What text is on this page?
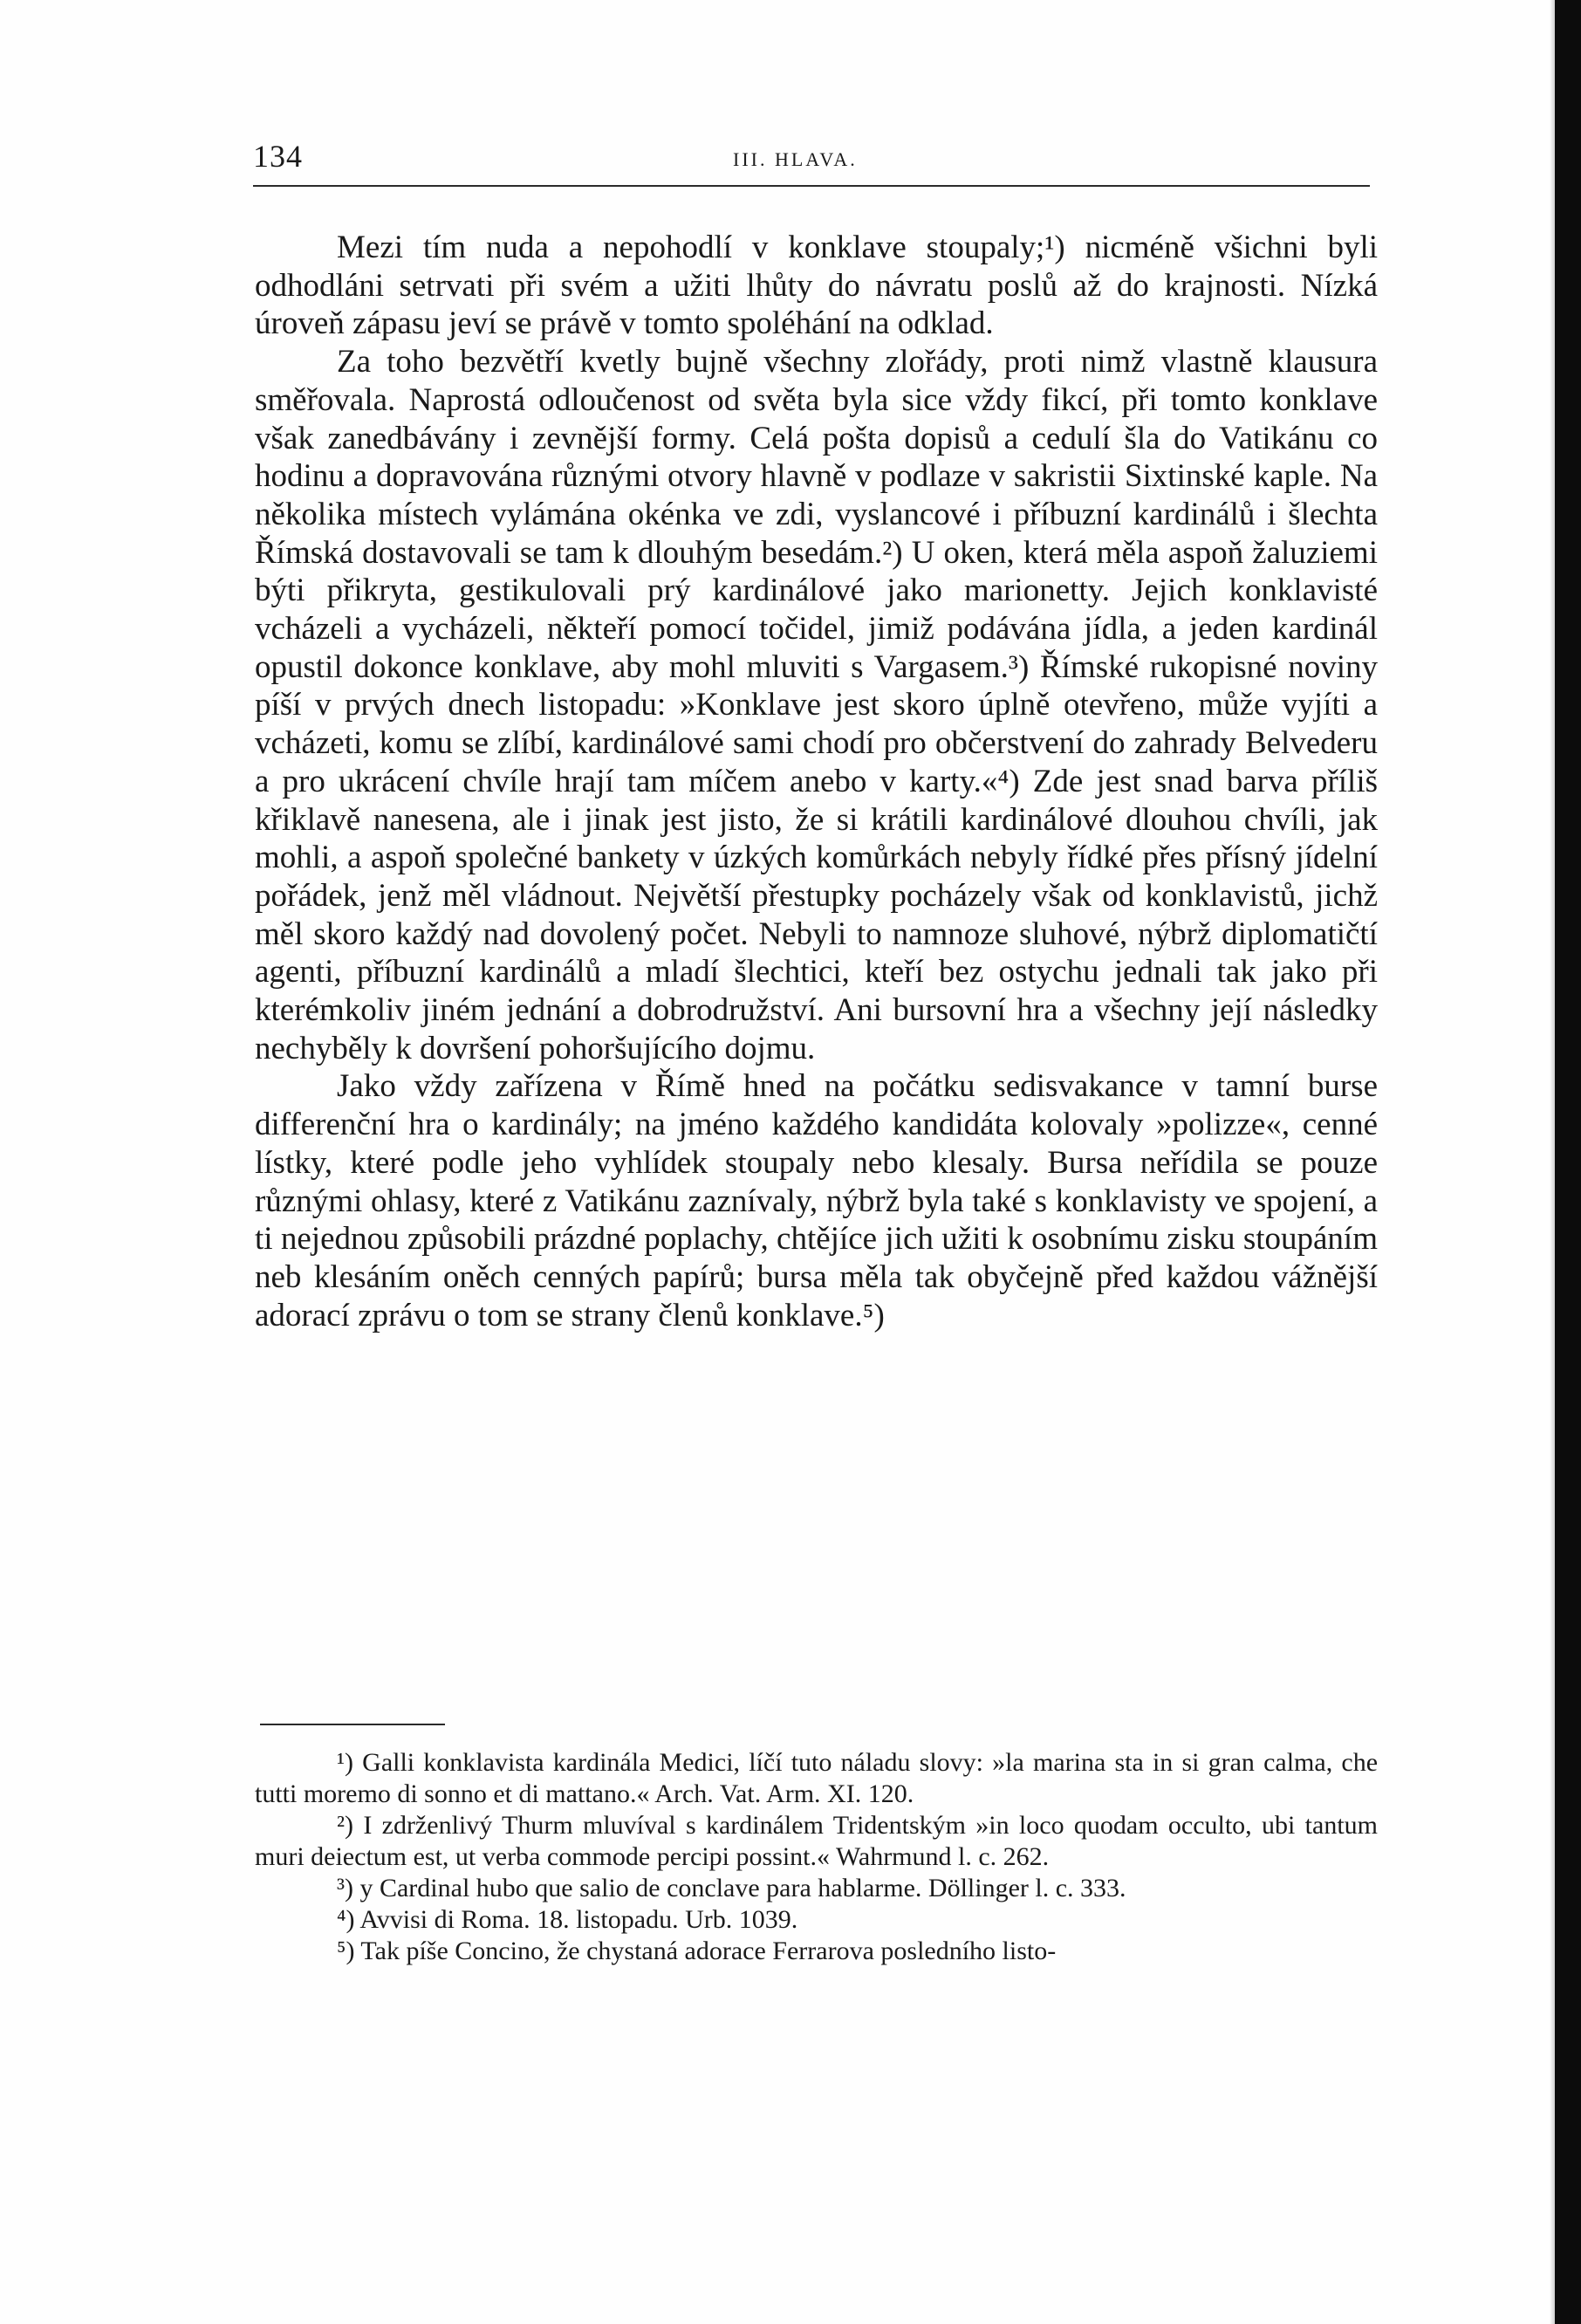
134	III. HLAVA.

Mezi tím nuda a nepohodlí v konklave stoupaly;¹) nicméně všichni byli odhodláni setrvati při svém a užiti lhůty do návratu poslů až do krajnosti. Nízká úroveň zápasu jeví se právě v tomto spoléhání na odklad.

Za toho bezvětří kvetly bujně všechny zlořády, proti nimž vlastně klausura směřovala. Naprostá odloučenost od světa byla sice vždy fikcí, při tomto konklave však zanedbávány i zevnější formy. Celá pošta dopisů a cedulí šla do Vatikánu co hodinu a dopravována různými otvory hlavně v podlaze v sakristii Sixtinské kaple. Na několika místech vylámána okénka ve zdi, vyslancové i příbuzní kardinálů i šlechta Římská dostavovali se tam k dlouhým besedám.²) U oken, která měla aspoň žaluziemi býti přikryta, gestikulovali prý kardinálové jako marionetty. Jejich konklavisté vcházeli a vycházeli, někteří pomocí točidel, jimiž podávána jídla, a jeden kardinál opustil dokonce konklave, aby mohl mluviti s Vargasem.³) Římské rukopisné noviny píší v prvých dnech listopadu: »Konklave jest skoro úplně otevřeno, může vyjíti a vcházeti, komu se zlíbí, kardinálové sami chodí pro občerstvení do zahrady Belvederu a pro ukrácení chvíle hrají tam míčem anebo v karty.«⁴) Zde jest snad barva příliš křiklavě nanesena, ale i jinak jest jisto, že si krátili kardinálové dlouhou chvíli, jak mohli, a aspoň společné bankety v úzkých komůrkách nebyly řídké přes přísný jídelní pořádek, jenž měl vládnout. Největší přestupky pocházely však od konklavistů, jichž měl skoro každý nad dovolený počet. Nebyli to namnoze sluhové, nýbrž diplomatičtí agenti, příbuzní kardinálů a mladí šlechtici, kteří bez ostychu jednali tak jako při kterémkoliv jiném jednání a dobrodružství. Ani bursovní hra a všechny její následky nechyběly k dovršení pohoršujícího dojmu.

Jako vždy zařízena v Římě hned na počátku sedisvakance v tamní burse differenční hra o kardinály; na jméno každého kandidáta kolovaly »polizze«, cenné lístky, které podle jeho vyhlídek stoupaly nebo klesaly. Bursa neřídila se pouze různými ohlasy, které z Vatikánu zaznívaly, nýbrž byla také s konklavisty ve spojení, a ti nejednou způsobili prázdné poplachy, chtějíce jich užiti k osobnímu zisku stoupáním neb klesáním oněch cenných papírů; bursa měla tak obyčejně před každou vážnější adorací zprávu o tom se strany členů konklave.⁵)

¹) Galli konklavista kardinála Medici, líčí tuto náladu slovy: »la marina sta in si gran calma, che tutti moremo di sonno et di mattano.« Arch. Vat. Arm. XI. 120.

²) I zdrženlivý Thurm mluvíval s kardinálem Tridentským »in loco quodam occulto, ubi tantum muri deiectum est, ut verba commode percipi possint.« Wahrmund l. c. 262.

³) y Cardinal hubo que salio de conclave para hablarme. Döllinger l. c. 333.

⁴) Avvisi di Roma. 18. listopadu. Urb. 1039.

⁵) Tak píše Concino, že chystaná adorace Ferrarova posledního listo-
